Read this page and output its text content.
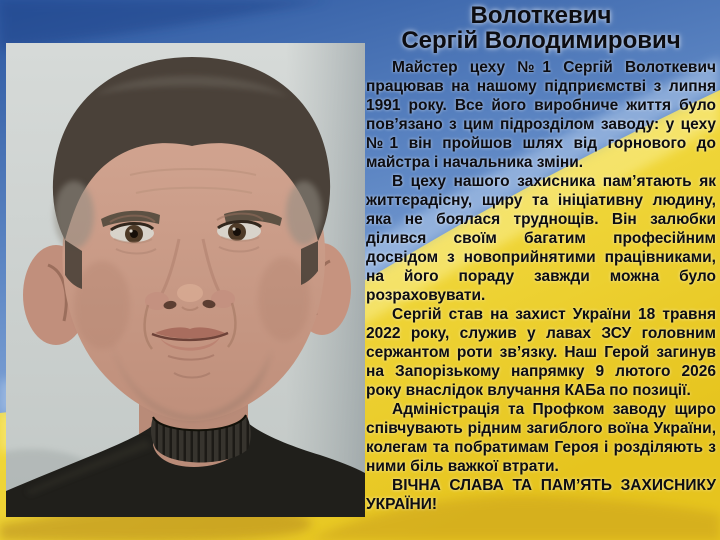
Волоткевич
Сергій Володимирович

Майстер цеху №1 Сергій Волоткевич працював на нашому підприємстві з липня 1991 року. Все його виробниче життя було пов’язано з цим підрозділом заводу: у цеху №1 він пройшов шлях від горнового до майстра і начальника зміни.

В цеху нашого захисника пам’ятають як життєрадісну, щиру та ініціативну людину, яка не боялася труднощів. Він залюбки ділився своїм багатим професійним досвідом з новоприйнятими працівниками, на його пораду завжди можна було розраховувати.

Сергій став на захист України 18 травня 2022 року, служив у лавах ЗСУ головним сержантом роти зв’язку. Наш Герой загинув на Запорізькому напрямку 9 лютого 2026 року внаслідок влучання КАБа по позиції.

Адміністрація та Профком заводу щиро співчувають рідним загиблого воїна України, колегам та побратимам Героя і розділяють з ними біль важкої втрати.

ВІЧНА СЛАВА ТА ПАМ’ЯТЬ ЗАХИСНИКУ УКРАЇНИ!
